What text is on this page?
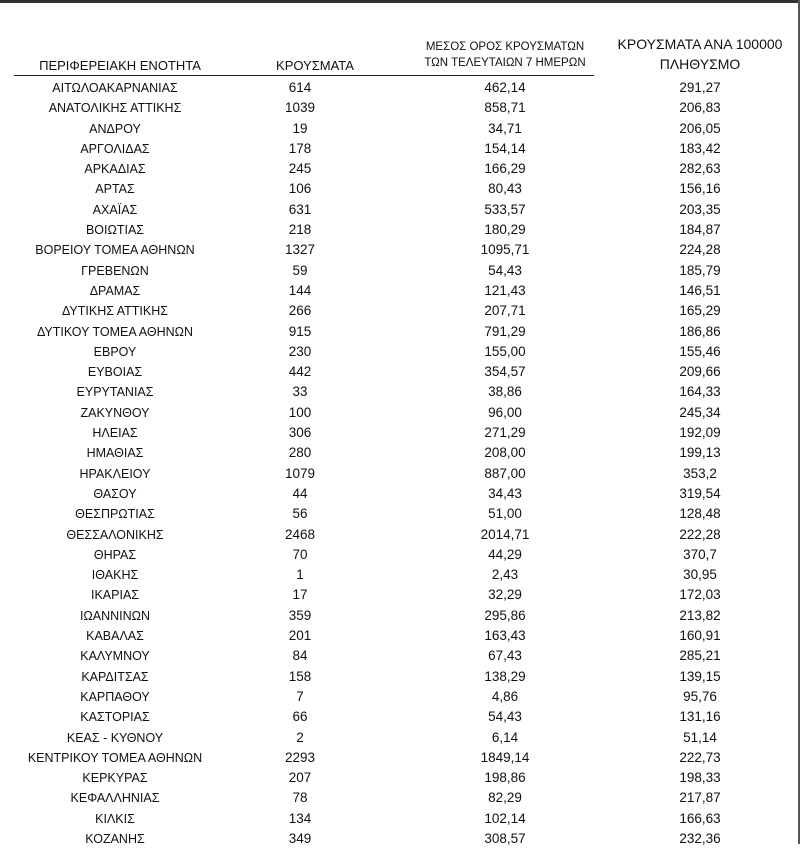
ΠΕΡΙΦΕΡΕΙΑΚΗ ΕΝΟΤΗΤΑ	ΚΡΟΥΣΜΑΤΑ
ΜΕΣΟΣ ΟΡΟΣ ΚΡΟΥΣΜΑΤΩΝ
ΤΩΝ ΤΕΛΕΥΤΑΙΩΝ 7 ΗΜΕΡΩΝ
ΚΡΟΥΣΜΑΤΑ ΑΝΑ 100000
ΠΛΗΘΥΣΜΟ
ΑΙΤΩΛΟΑΚΑΡΝΑΝΙΑΣ	614	462,14	291,27
ΑΝΑΤΟΛΙΚΗΣ ΑΤΤΙΚΗΣ	1039	858,71	206,83
ΑΝΔΡΟΥ	19	34,71	206,05
ΑΡΓΟΛΙΔΑΣ	178	154,14	183,42
ΑΡΚΑΔΙΑΣ	245	166,29	282,63
ΑΡΤΑΣ	106	80,43	156,16
ΑΧΑΪΑΣ	631	533,57	203,35
ΒΟΙΩΤΙΑΣ	218	180,29	184,87
ΒΟΡΕΙΟΥ ΤΟΜΕΑ ΑΘΗΝΩΝ	1327	1095,71	224,28
ΓΡΕΒΕΝΩΝ	59	54,43	185,79
ΔΡΑΜΑΣ	144	121,43	146,51
ΔΥΤΙΚΗΣ ΑΤΤΙΚΗΣ	266	207,71	165,29
ΔΥΤΙΚΟΥ ΤΟΜΕΑ ΑΘΗΝΩΝ	915	791,29	186,86
ΕΒΡΟΥ	230	155,00	155,46
ΕΥΒΟΙΑΣ	442	354,57	209,66
ΕΥΡΥΤΑΝΙΑΣ	33	38,86	164,33
ΖΑΚΥΝΘΟΥ	100	96,00	245,34
ΗΛΕΙΑΣ	306	271,29	192,09
ΗΜΑΘΙΑΣ	280	208,00	199,13
ΗΡΑΚΛΕΙΟΥ	1079	887,00	353,2
ΘΑΣΟΥ	44	34,43	319,54
ΘΕΣΠΡΩΤΙΑΣ	56	51,00	128,48
ΘΕΣΣΑΛΟΝΙΚΗΣ	2468	2014,71	222,28
ΘΗΡΑΣ	70	44,29	370,7
ΙΘΑΚΗΣ	1	2,43	30,95
ΙΚΑΡΙΑΣ	17	32,29	172,03
ΙΩΑΝΝΙΝΩΝ	359	295,86	213,82
ΚΑΒΑΛΑΣ	201	163,43	160,91
ΚΑΛΥΜΝΟΥ	84	67,43	285,21
ΚΑΡΔΙΤΣΑΣ	158	138,29	139,15
ΚΑΡΠΑΘΟΥ	7	4,86	95,76
ΚΑΣΤΟΡΙΑΣ	66	54,43	131,16
ΚΕΑΣ - ΚΥΘΝΟΥ	2	6,14	51,14
ΚΕΝΤΡΙΚΟΥ ΤΟΜΕΑ ΑΘΗΝΩΝ	2293	1849,14	222,73
ΚΕΡΚΥΡΑΣ	207	198,86	198,33
ΚΕΦΑΛΛΗΝΙΑΣ	78	82,29	217,87
ΚΙΛΚΙΣ	134	102,14	166,63
ΚΟΖΑΝΗΣ	349	308,57	232,36
